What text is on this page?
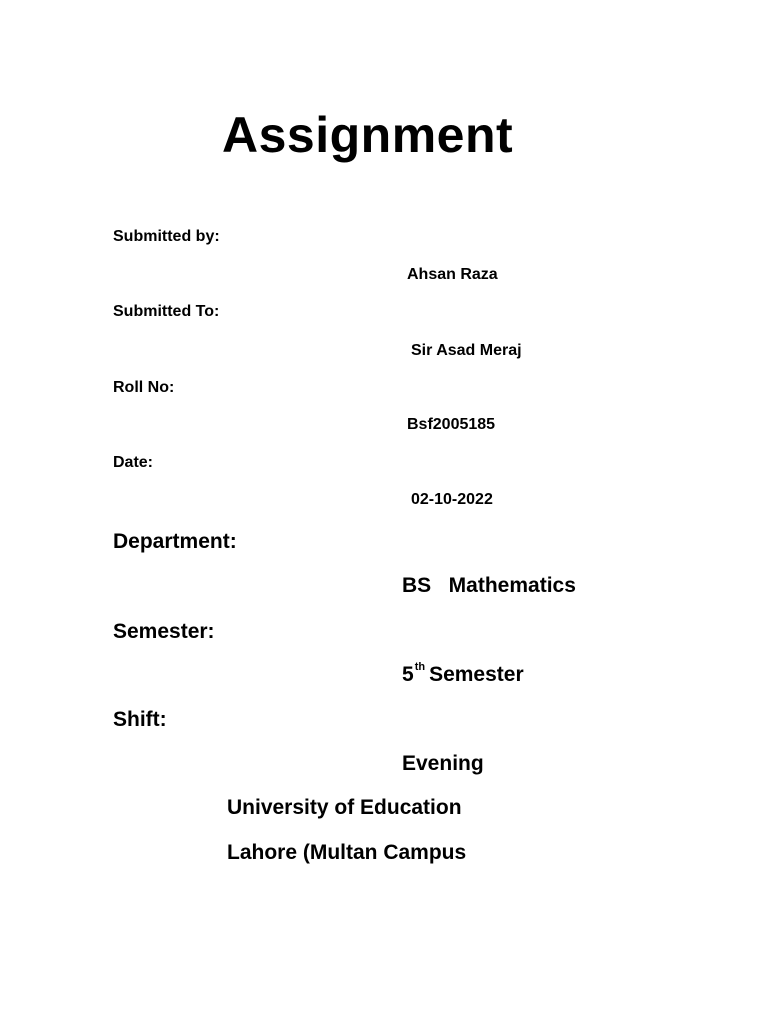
Assignment
Submitted by:
Ahsan Raza
Submitted To:
Sir Asad Meraj
Roll No:
Bsf2005185
Date:
02-10-2022
Department:
BS   Mathematics
Semester:
5th Semester
Shift:
Evening
University of Education
Lahore (Multan Campus
